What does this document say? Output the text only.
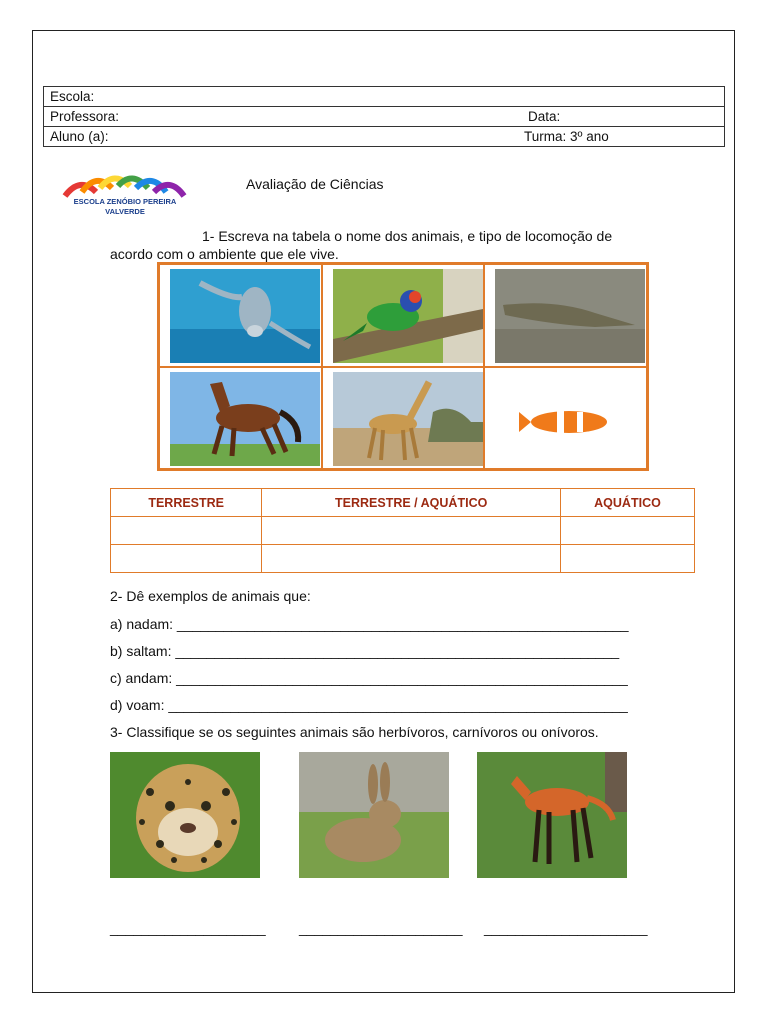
Escola:
Professora:	Data:

Aluno (a):	Turma: 3º ano
ESCOLA ZENÓBIO PEREIRA
VALVERDE
Avaliação de Ciências
1- Escreva na tabela o nome dos animais, e tipo de locomoção de
acordo com o ambiente que ele vive.
TERRESTRE	TERRESTRE / AQUÁTICO	AQUÁTICO

2- Dê exemplos de animais que:
a) nadam: __________________________________________________________
b) saltam: _________________________________________________________
c) andam: __________________________________________________________
d) voam: ___________________________________________________________
3- Classifique se os seguintes animais são herbívoros, carnívoros ou onívoros.
____________________ _____________________ _____________________
